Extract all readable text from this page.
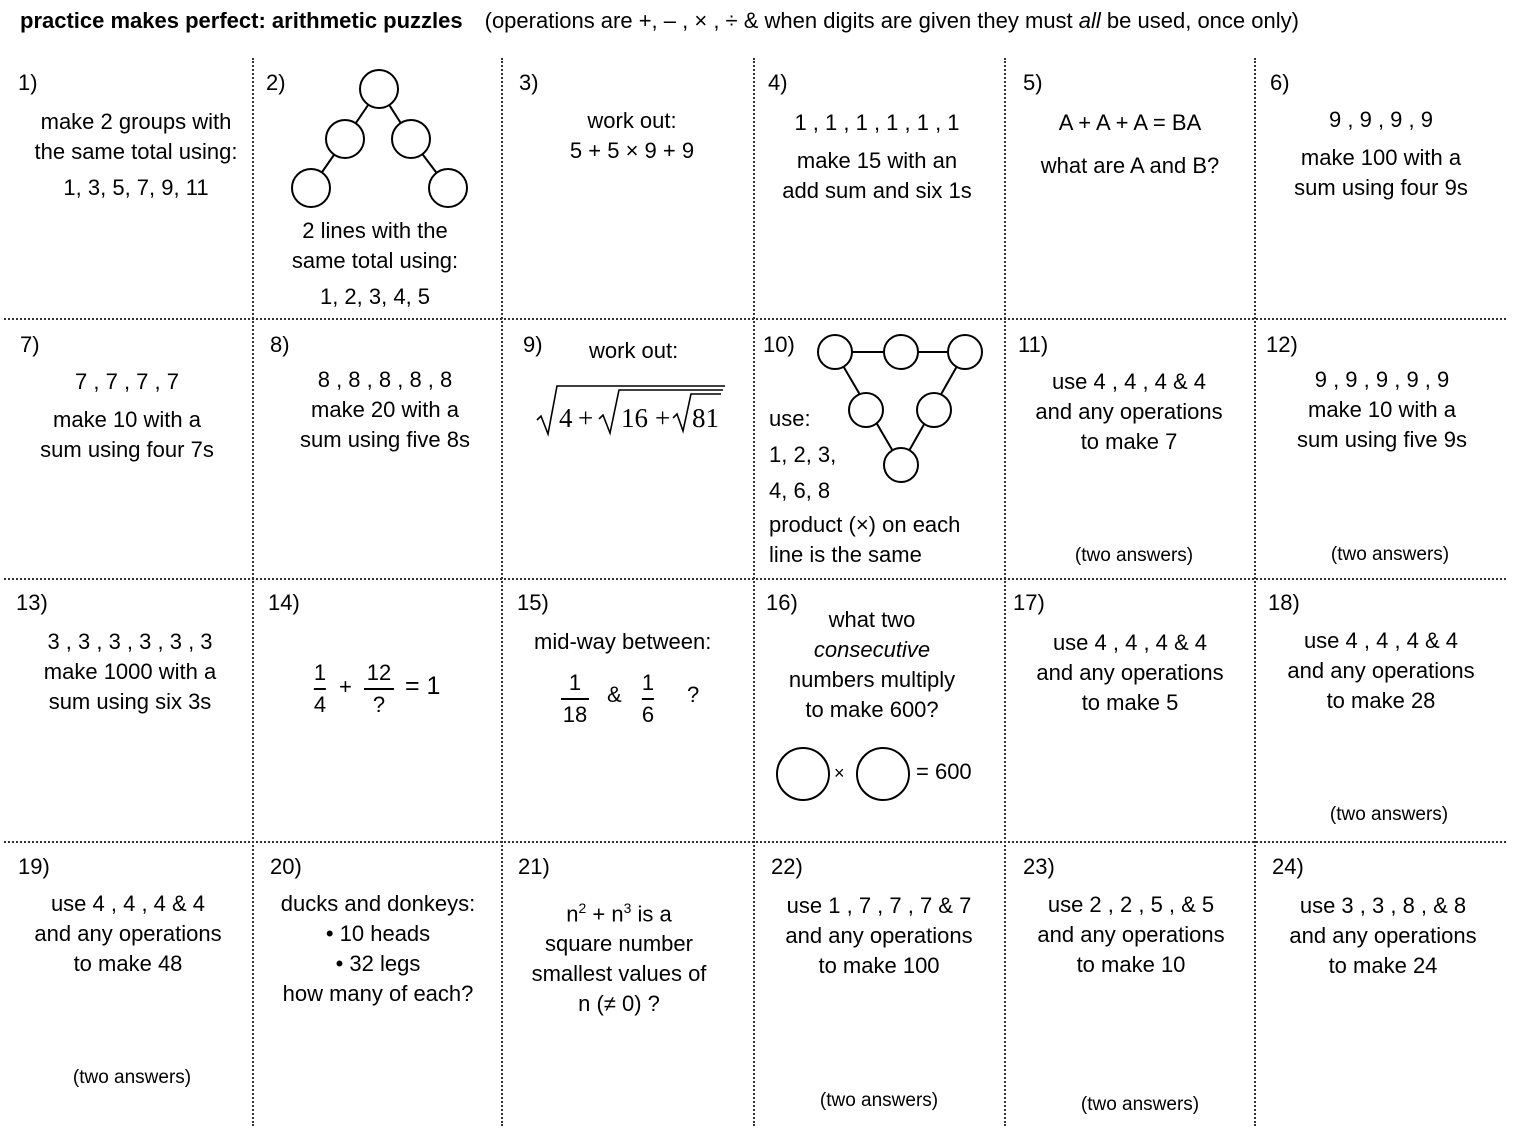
practice makes perfect: arithmetic puzzles (operations are +, – , × , ÷ & when digits are given they must all be used, once only)
1)
make 2 groups with
the same total using:
1, 3, 5, 7, 9, 11
2)
2 lines with the
same total using:
1, 2, 3, 4, 5
3)
work out:
5 + 5 × 9 + 9
4)
1 , 1 , 1 , 1 , 1 , 1
make 15 with an
add sum and six 1s
5)
A + A + A = BA
what are A and B?
6)
9 , 9 , 9 , 9
make 100 with a
sum using four 9s
7)
7 , 7 , 7 , 7
make 10 with a
sum using four 7s
8)
8 , 8 , 8 , 8 , 8
make 20 with a
sum using five 8s
9) work out:
4 + 16 + 81
10)
use:
1, 2, 3,
4, 6, 8
product (×) on each
line is the same
11)
use 4 , 4 , 4 & 4
and any operations
to make 7
(two answers)
12)
9 , 9 , 9 , 9 , 9
make 10 with a
sum using five 9s
(two answers)
13)
3 , 3 , 3 , 3 , 3 , 3
make 1000 with a
sum using six 3s
14)
1
4
+
12
?
= 1
15)
mid-way between:
1
18
& 1
6
?
16)
what two
consecutive
numbers multiply
to make 600?
×	= 600
17)
use 4 , 4 , 4 & 4
and any operations
to make 5
18)
use 4 , 4 , 4 & 4
and any operations
to make 28
(two answers)
19)
use 4 , 4 , 4 & 4
and any operations
to make 48
(two answers)
20)
ducks and donkeys:
• 10 heads
• 32 legs
how many of each?
21)
$n^2 + n^3$ is a
square number
smallest values of
n (≠ 0) ?
22)
use 1 , 7 , 7 , 7 & 7
and any operations
to make 100
(two answers)
23)
use 2 , 2 , 5 , & 5
and any operations
to make 10
(two answers)
24)
use 3 , 3 , 8 , & 8
and any operations
to make 24
